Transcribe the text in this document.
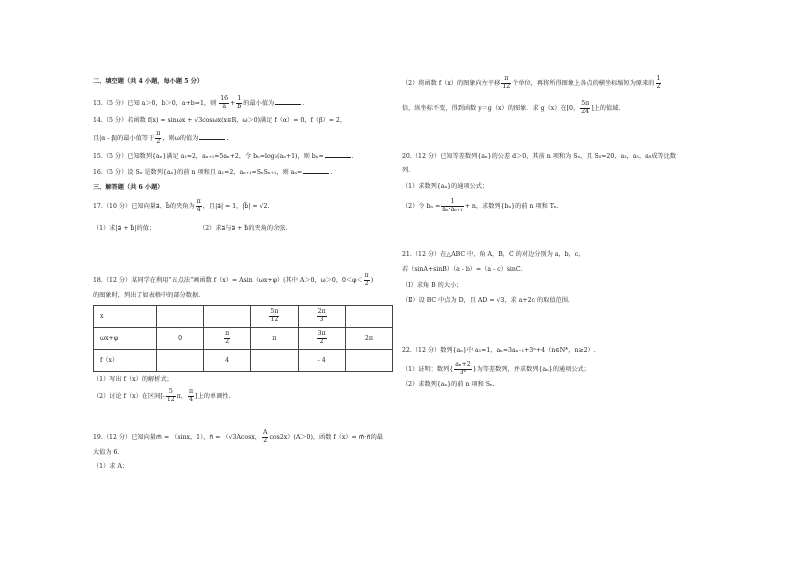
二、填空题（共 4 小题，每小题 5 分）
13.（5 分）已知 a＞0，b＞0，a+b=1，则 $\frac{16}{a} + \frac{1}{b}$ 的最小值为	.
14.（5 分）若函数 f(x) = sinωx + √3cosωx(x∈R，ω＞0)满足 f（α）= 0，f（β）= 2，
且|α - β|的最小值等于 $\frac{\pi}{2}$ ，则ω的值为	.
15.（5 分）已知数列{aₙ}满足 a₁=2，aₙ₊₁=5aₙ+2，令 bₙ=log₃(aₙ+1)，则 bₙ=	.
16.（5 分）设 Sₙ 是数列{aₙ}的前 n 项和且 a₁=2，aₙ₊₁=SₙSₙ₊₁，则 aₙ=	.
三、解答题（共 6 小题）
17.（10 分）已知向量a⃗、b⃗的夹角为 $\frac{\pi}{4}$ ，且|a⃗| = 1，|b⃗| = √2.
（1）求|a⃗ + b⃗|的值；	（2）求a⃗与a⃗ + b⃗的夹角的余弦.
18.（12 分）某同学在利用“五点法”画函数 f（x）= Asin（ωx+φ）(其中 A＞0，ω＞0，$0<\varphi< \frac{\pi}{2}$ )
的图象时，列出了如表格中的部分数据.
x			$\frac{5\pi}{12}$	$\frac{2\pi}{3}$

ωx+φ	0	$\frac{\pi}{2}$	π	$\frac{3\pi}{2}$	2π
f（x）		4		- 4	
（1）写出 f（x）的解析式；
（2）讨论 f（x）在区间[- $\frac{5}{12}$ π， $\frac{\pi}{4}$ ]上的单调性.
19.（12 分）已知向量m⃗ = （sinx，1），n⃗ = （√3Acosx， $\frac{A}{2} \cos 2x)(A>0)$，函数 f（x）= m⃗·n⃗的最
大值为 6.
（1）求 A；
（2）将函数 f（x）的图象向左平移 $\frac{\pi}{12}$ 个单位，再将所得图象上各点的横坐标缩短为原来的 $\frac{1}{2}$
倍，纵坐标不变，得到函数 y＝g（x）的图象．求 g（x）在[0， $\frac{5\pi}{24}$ ]上的值域.
20.（12 分）已知等差数列{aₙ}的公差 d＞0，其前 n 项和为 Sₙ，且 S₅=20，a₃，a₅，a₈成等比数
列.
（1）求数列{aₙ}的通项公式；
（2）令 $b_n = \frac{1}{\text{aₙ·aₙ₊₁}} + n$，求数列{bₙ}的前 n 项和 Tₙ.
21.（12 分）在△ABC 中，角 A，B，C 的对边分别为 a，b，c，
若（sinA+sinB）（a - b）=（a - c）sinC.
（Ⅰ）求角 B 的大小；
（Ⅱ）设 BC 中点为 D，且 AD = √3，求 a+2c 的取值范围.
22.（12 分）数列{aₙ}中 a₁=1，aₙ=3aₙ₋₁+3ⁿ+4（n∈N*，n≥2）.
（1）证明：数列{ $\frac{\text{aₙ+2}}{\text{3ⁿ}}$ }为等差数列，并求数列{aₙ}的通项公式；
（2）求数列{aₙ}的前 n 项和 Sₙ.
